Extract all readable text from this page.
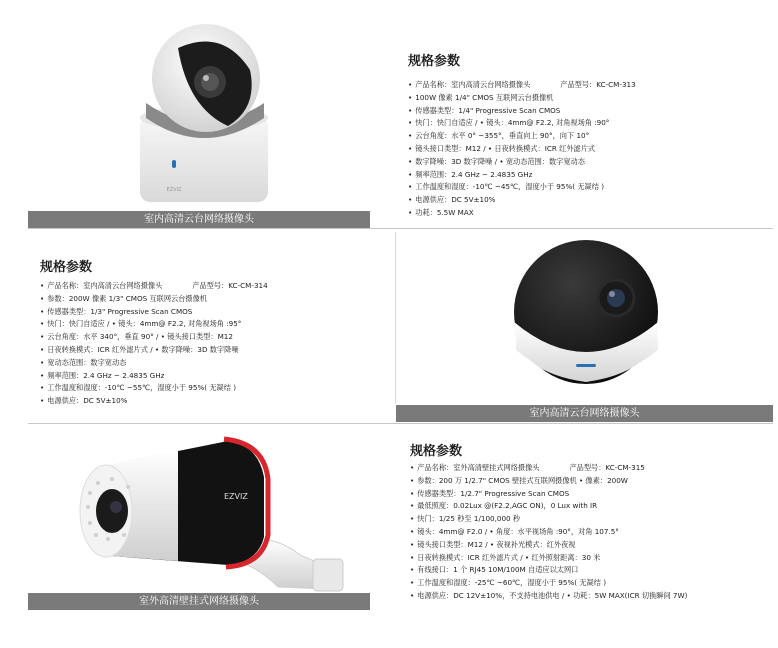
EZVIZ
室内高清云台网络摄像头
规格参数
• 产品名称：室内高清云台网络摄像头	产品型号：KC-CM-313
• 100W 像素 1/4" CMOS 互联网云台摄像机
• 传感器类型：1/4" Progressive Scan CMOS
• 快门：快门自适应 / • 镜头：4mm@ F2.2, 对角视场角 :90°
• 云台角度：水平 0° ~355°，垂直向上 90°，向下 10°
• 镜头接口类型：M12 / • 日夜转换模式：ICR 红外滤片式
• 数字降噪：3D 数字降噪 / • 宽动态范围：数字宽动态
• 频率范围：2.4 GHz ~ 2.4835 GHz
• 工作温度和湿度：-10℃ ~45℃，湿度小于 95%( 无凝结 )
• 电源供应：DC 5V±10%
• 功耗：5.5W MAX
规格参数
• 产品名称：室内高清云台网络摄像头	产品型号：KC-CM-314
• 参数：200W 像素 1/3" CMOS 互联网云台摄像机
• 传感器类型：1/3" Progressive Scan CMOS
• 快门：快门自适应 / • 镜头：4mm@ F2.2, 对角视场角 :95°
• 云台角度：水平 340°，垂直 90° / • 镜头接口类型：M12
• 日夜转换模式：ICR 红外滤片式 / • 数字降噪：3D 数字降噪
• 宽动态范围：数字宽动态
• 频率范围：2.4 GHz ~ 2.4835 GHz
• 工作温度和湿度：-10℃ ~55℃，湿度小于 95%( 无凝结 )
• 电源供应：DC 5V±10%
室内高清云台网络摄像头
EZVIZ
室外高清壁挂式网络摄像头
规格参数
• 产品名称：室外高清壁挂式网络摄像头	产品型号：KC-CM-315
• 参数：200 万 1/2.7" CMOS 壁挂式互联网摄像机 • 像素：200W
• 传感器类型：1/2.7" Progressive Scan CMOS
• 最低照度：0.02Lux @(F2.2,AGC ON)，0 Lux with IR
• 快门：1/25 秒至 1/100,000 秒
• 镜头：4mm@ F2.0 / • 角度：水平视场角 :90°，对角 107.5°
• 镜头接口类型：M12 / • 夜视补光模式：红外夜视
• 日夜转换模式：ICR 红外滤片式 / • 红外照射距离：30 米
• 有线接口：1 个 RJ45 10M/100M 自适应以太网口
• 工作温度和湿度：-25℃ ~60℃，湿度小于 95%( 无凝结 )
• 电源供应：DC 12V±10%，不支持电池供电 / • 功耗：5W MAX(ICR 切换瞬间 7W)
